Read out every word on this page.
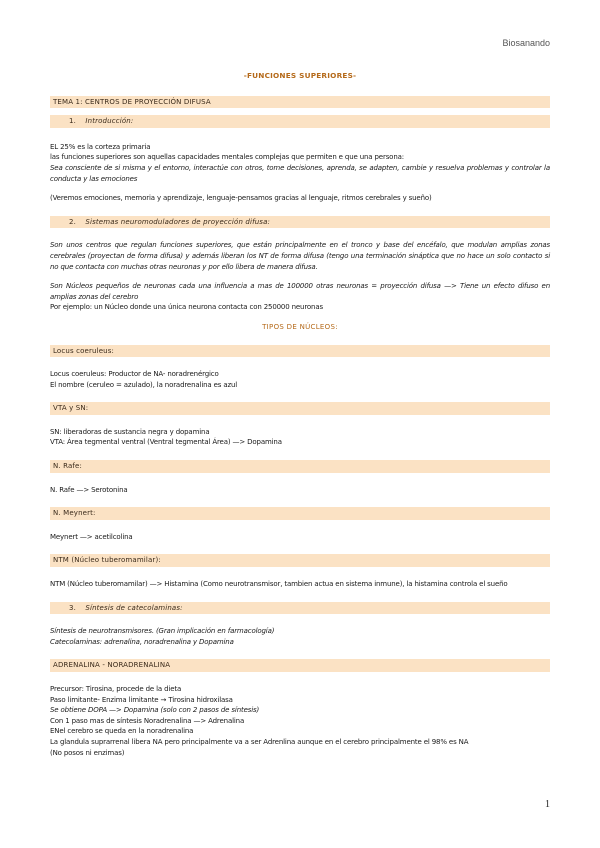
Biosanando
-FUNCIONES SUPERIORES-
TEMA 1: CENTROS DE PROYECCIÓN DIFUSA
1. Introducción:
EL 25% es la corteza primaria
las funciones superiores son aquellas capacidades mentales complejas que permiten e que una persona:
Sea consciente de si misma y el entorno, interactúe con otros, tome decisiones, aprenda, se adapten, cambie y resuelva problemas y controlar la conducta y las emociones
(Veremos emociones, memoria y aprendizaje, lenguaje-pensamos gracias al lenguaje, ritmos cerebrales y sueño)
2. Sistemas neuromoduladores de proyección difusa:
Son unos centros que regulan funciones superiores, que están principalmente en el tronco y base del encéfalo, que modulan amplias zonas cerebrales (proyectan de forma difusa) y además liberan los NT de forma difusa (tengo una terminación sináptica que no hace un solo contacto si no que contacta con muchas otras neuronas y por ello libera de manera difusa.
Son Núcleos pequeños de neuronas cada una influencia a mas de 100000 otras neuronas = proyección difusa —> Tiene un efecto difuso en amplias zonas del cerebro
Por ejemplo: un Núcleo donde una única neurona contacta con 250000 neuronas
TIPOS DE NÚCLEOS:
Locus coeruleus:
Locus coeruleus: Productor de NA- noradrenérgico
El nombre (ceruleo = azulado), la noradrenalina es azul
VTA y SN:
SN: liberadoras de sustancia negra y dopamina
VTA: Área tegmental ventral (Ventral tegmental Área) —> Dopamina
N. Rafe:
N. Rafe —> Serotonina
N. Meynert:
Meynert —> acetilcolina
NTM (Núcleo tuberomamilar):
NTM (Núcleo tuberomamilar) —> Histamina (Como neurotransmisor, tambien actua en sistema inmune), la histamina controla el sueño
3. Síntesis de catecolaminas:
Síntesis de neurotransmisores. (Gran implicación en farmacología)
Catecolaminas: adrenalina, noradrenalina y Dopamina
ADRENALINA - NORADRENALINA
Precursor: Tirosina, procede de la dieta
Paso limitante- Enzima limitante → Tirosina hidroxilasa
Se obtiene DOPA —> Dopamina (solo con 2 pasos de síntesis)
Con 1 paso mas de síntesis Noradrenalina —> Adrenalina
ENel cerebro se queda en la noradrenalina
La glandula suprarrenal libera NA pero principalmente va a ser Adrenlina aunque en el cerebro principalmente el 98% es NA
(No posos ni enzimas)
1
